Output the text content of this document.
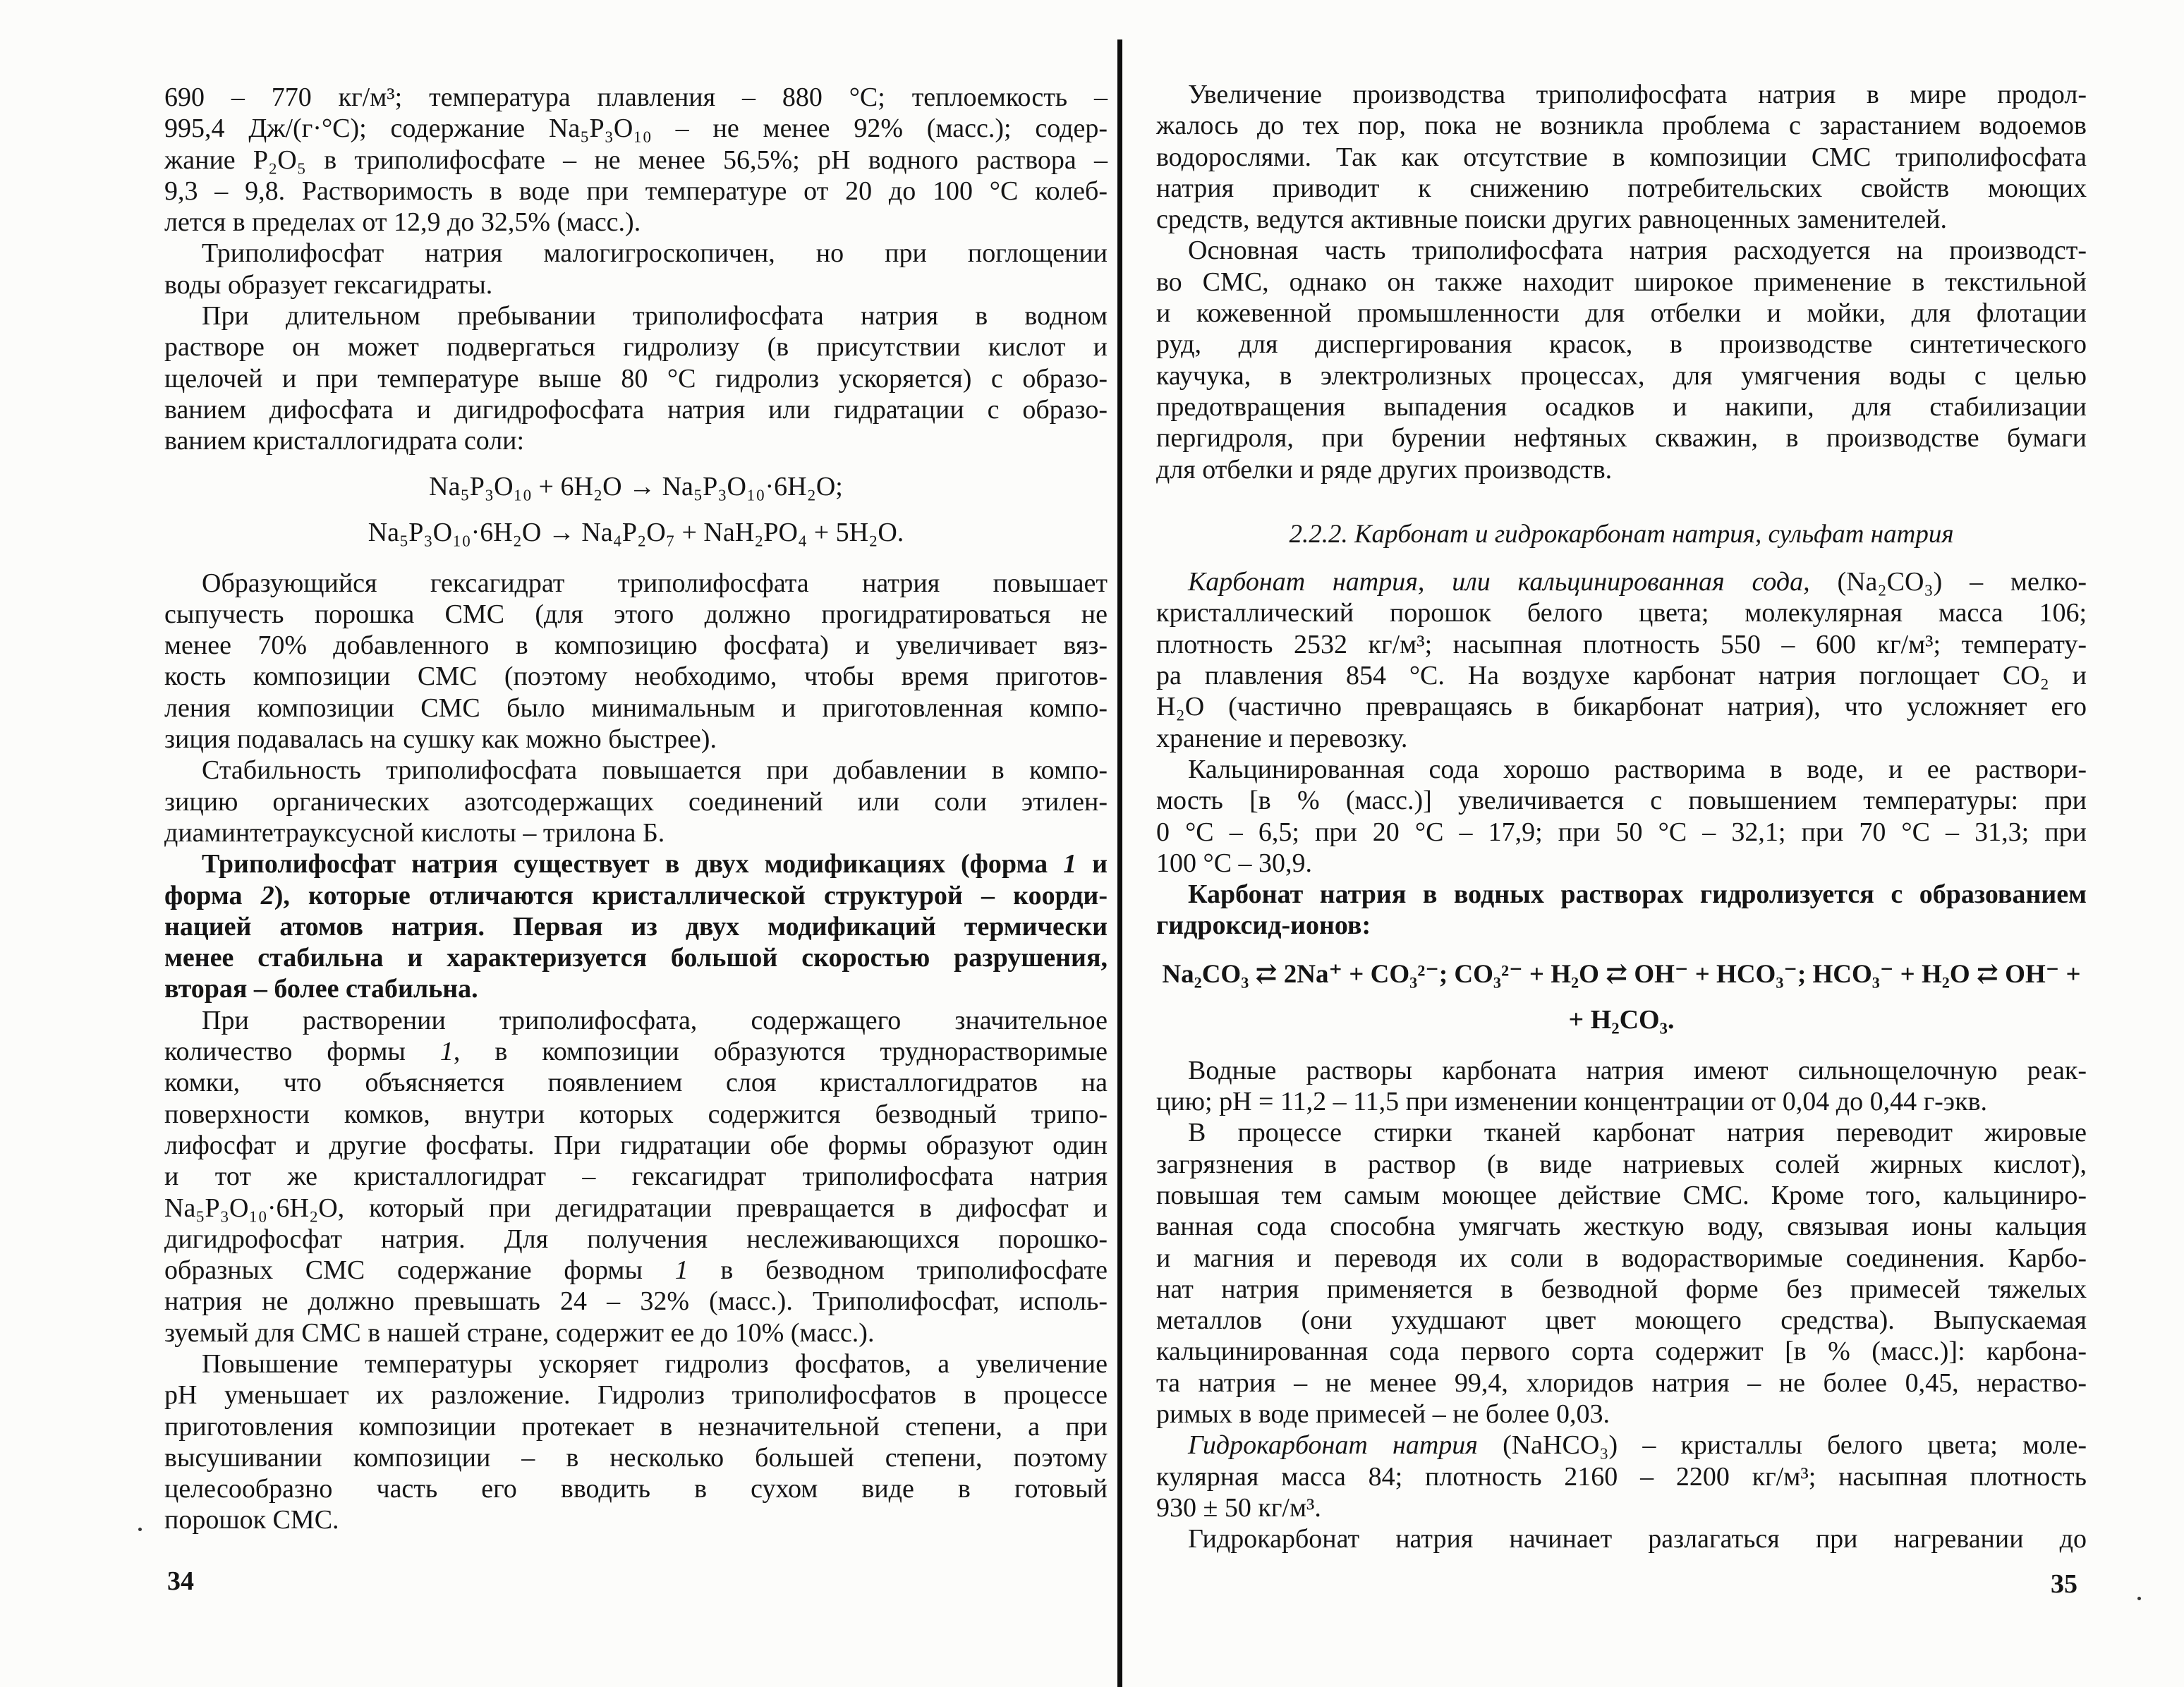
690 – 770 кг/м³; температура плавления – 880 °С; теплоемкость –
995,4 Дж/(г·°С); содержание Na₅P₃O₁₀ – не менее 92% (масс.); содер-
жание P₂O₅ в триполифосфате – не менее 56,5%; pH водного раствора –
9,3 – 9,8. Растворимость в воде при температуре от 20 до 100 °С колеб-
лется в пределах от 12,9 до 32,5% (масс.).
Триполифосфат натрия малогигроскопичен, но при поглощении
воды образует гексагидраты.
При длительном пребывании триполифосфата натрия в водном
растворе он может подвергаться гидролизу (в присутствии кислот и
щелочей и при температуре выше 80 °С гидролиз ускоряется) с образо-
ванием дифосфата и дигидрофосфата натрия или гидратации с образо-
ванием кристаллогидрата соли:
Na₅P₃O₁₀ + 6H₂O → Na₅P₃O₁₀·6H₂O;
Na₅P₃O₁₀·6H₂O → Na₄P₂O₇ + NaH₂PO₄ + 5H₂O.
Образующийся гексагидрат триполифосфата натрия повышает
сыпучесть порошка СМС (для этого должно прогидратироваться не
менее 70% добавленного в композицию фосфата) и увеличивает вяз-
кость композиции СМС (поэтому необходимо, чтобы время приготов-
ления композиции СМС было минимальным и приготовленная компо-
зиция подавалась на сушку как можно быстрее).
Стабильность триполифосфата повышается при добавлении в компо-
зицию органических азотсодержащих соединений или соли этилен-
диаминтетрауксусной кислоты – трилона Б.
Триполифосфат натрия существует в двух модификациях (форма 1 и
форма 2), которые отличаются кристаллической структурой – коорди-
нацией атомов натрия. Первая из двух модификаций термически
менее стабильна и характеризуется большой скоростью разрушения,
вторая – более стабильна.
При растворении триполифосфата, содержащего значительное
количество формы 1, в композиции образуются труднорастворимые
комки, что объясняется появлением слоя кристаллогидратов на
поверхности комков, внутри которых содержится безводный трипо-
лифосфат и другие фосфаты. При гидратации обе формы образуют один
и тот же кристаллогидрат – гексагидрат триполифосфата натрия
Na₅P₃O₁₀·6H₂O, который при дегидратации превращается в дифосфат и
дигидрофосфат натрия. Для получения неслеживающихся порошко-
образных СМС содержание формы 1 в безводном триполифосфате
натрия не должно превышать 24 – 32% (масс.). Триполифосфат, исполь-
зуемый для СМС в нашей стране, содержит ее до 10% (масс.).
Повышение температуры ускоряет гидролиз фосфатов, а увеличение
pH уменьшает их разложение. Гидролиз триполифосфатов в процессе
приготовления композиции протекает в незначительной степени, а при
высушивании композиции – в несколько большей степени, поэтому
целесообразно часть его вводить в сухом виде в готовый
порошок СМС.
34
Увеличение производства триполифосфата натрия в мире продол-
жалось до тех пор, пока не возникла проблема с зарастанием водоемов
водорослями. Так как отсутствие в композиции СМС триполифосфата
натрия приводит к снижению потребительских свойств моющих
средств, ведутся активные поиски других равноценных заменителей.
Основная часть триполифосфата натрия расходуется на производст-
во СМС, однако он также находит широкое применение в текстильной
и кожевенной промышленности для отбелки и мойки, для флотации
руд, для диспергирования красок, в производстве синтетического
каучука, в электролизных процессах, для умягчения воды с целью
предотвращения выпадения осадков и накипи, для стабилизации
пергидроля, при бурении нефтяных скважин, в производстве бумаги
для отбелки и ряде других производств.
2.2.2. Карбонат и гидрокарбонат натрия, сульфат натрия
Карбонат натрия, или кальцинированная сода, (Na₂CO₃) – мелко-
кристаллический порошок белого цвета; молекулярная масса 106;
плотность 2532 кг/м³; насыпная плотность 550 – 600 кг/м³; температу-
ра плавления 854 °С. На воздухе карбонат натрия поглощает CO₂ и
H₂O (частично превращаясь в бикарбонат натрия), что усложняет его
хранение и перевозку.
Кальцинированная сода хорошо растворима в воде, и ее раствори-
мость [в % (масс.)] увеличивается с повышением температуры: при
0 °С – 6,5; при 20 °С – 17,9; при 50 °С – 32,1; при 70 °С – 31,3; при
100 °С – 30,9.
Карбонат натрия в водных растворах гидролизуется с образованием
гидроксид-ионов:
Na₂CO₃ ⇄ 2Na⁺ + CO₃²⁻; CO₃²⁻ + H₂O ⇄ OH⁻ + HCO₃⁻; HCO₃⁻ + H₂O ⇄ OH⁻ +
+ H₂CO₃.
Водные растворы карбоната натрия имеют сильнощелочную реак-
цию; pH = 11,2 – 11,5 при изменении концентрации от 0,04 до 0,44 г-экв.
В процессе стирки тканей карбонат натрия переводит жировые
загрязнения в раствор (в виде натриевых солей жирных кислот),
повышая тем самым моющее действие СМС. Кроме того, кальциниро-
ванная сода способна умягчать жесткую воду, связывая ионы кальция
и магния и переводя их соли в водорастворимые соединения. Карбо-
нат натрия применяется в безводной форме без примесей тяжелых
металлов (они ухудшают цвет моющего средства). Выпускаемая
кальцинированная сода первого сорта содержит [в % (масс.)]: карбона-
та натрия – не менее 99,4, хлоридов натрия – не более 0,45, нераство-
римых в воде примесей – не более 0,03.
Гидрокарбонат натрия (NaHCO₃) – кристаллы белого цвета; моле-
кулярная масса 84; плотность 2160 – 2200 кг/м³; насыпная плотность
930 ± 50 кг/м³.
Гидрокарбонат натрия начинает разлагаться при нагревании до
35
